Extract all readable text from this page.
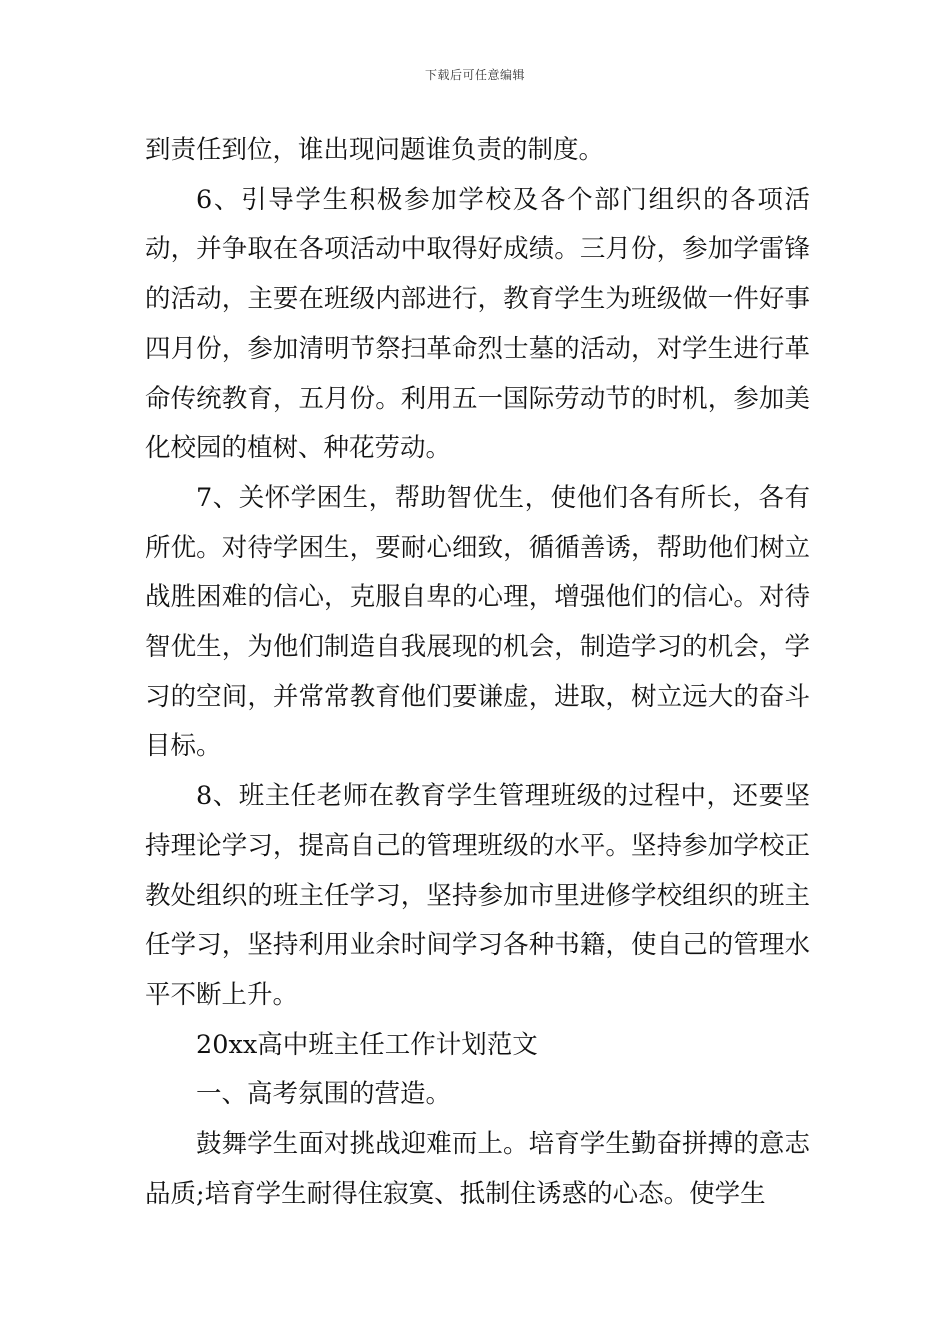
下载后可任意编辑

到责任到位，谁出现问题谁负责的制度。

6、引导学生积极参加学校及各个部门组织的各项活动，并争取在各项活动中取得好成绩。三月份，参加学雷锋的活动，主要在班级内部进行，教育学生为班级做一件好事四月份，参加清明节祭扫革命烈士墓的活动，对学生进行革命传统教育，五月份。利用五一国际劳动节的时机，参加美化校园的植树、种花劳动。

7、关怀学困生，帮助智优生，使他们各有所长，各有所优。对待学困生，要耐心细致，循循善诱，帮助他们树立战胜困难的信心，克服自卑的心理，增强他们的信心。对待智优生，为他们制造自我展现的机会，制造学习的机会，学习的空间，并常常教育他们要谦虚，进取，树立远大的奋斗目标。

8、班主任老师在教育学生管理班级的过程中，还要坚持理论学习，提高自己的管理班级的水平。坚持参加学校正教处组织的班主任学习，坚持参加市里进修学校组织的班主任学习，坚持利用业余时间学习各种书籍，使自己的管理水平不断上升。

20xx高中班主任工作计划范文

一、高考氛围的营造。

鼓舞学生面对挑战迎难而上。培育学生勤奋拼搏的意志品质;培育学生耐得住寂寞、抵制住诱惑的心态。使学生
